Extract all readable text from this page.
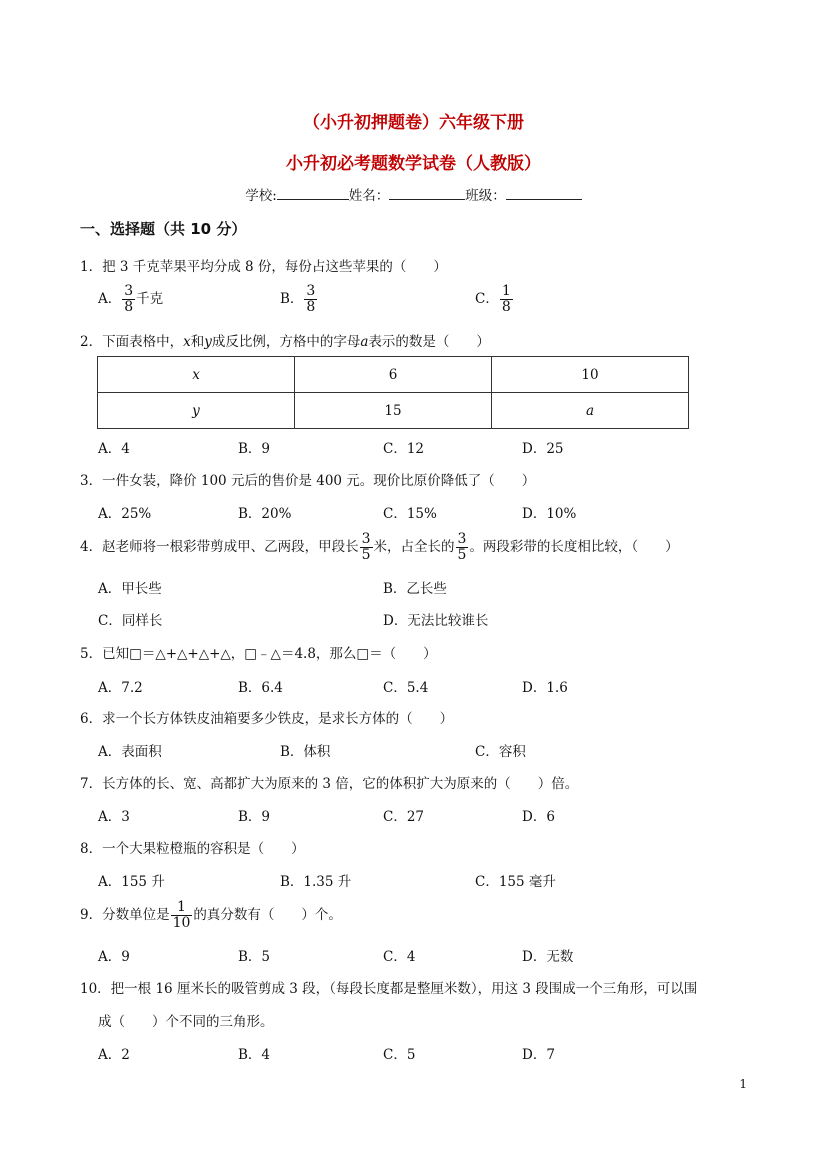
（小升初押题卷）六年级下册
小升初必考题数学试卷（人教版）
学校:	姓名：	班级：
一、选择题（共 10 分）
1．把 3 千克苹果平均分成 8 份，每份占这些苹果的（　　）
A． $\frac{3}{8}$ 千克	B． $\frac{3}{8}$	C． $\frac{1}{8}$
2．下面表格中，x和y成反比例，方格中的字母a表示的数是（　　）
x	6	10
y	15	a
A．4	B．9	C．12	D．25
3．一件女装，降价 100 元后的售价是 400 元。现价比原价降低了（　　）
A．25%	B．20%	C．15%	D．10%
4．赵老师将一根彩带剪成甲、乙两段，甲段长 $\frac{3}{5}$ 米，占全长的 $\frac{3}{5}$ 。两段彩带的长度相比较，（　　）
A．甲长些	B．乙长些
C．同样长	D．无法比较谁长
5．已知□＝△+△+△+△，□﹣△＝4.8，那么□＝（　　）
A．7.2	B．6.4	C．5.4	D．1.6
6．求一个长方体铁皮油箱要多少铁皮，是求长方体的（　　）
A．表面积	B．体积	C．容积
7．长方体的长、宽、高都扩大为原来的 3 倍，它的体积扩大为原来的（　　）倍。
A．3	B．9	C．27	D．6
8．一个大果粒橙瓶的容积是（　　）
A．155 升	B．1.35 升	C．155 毫升
9．分数单位是 $\frac{1}{10}$ 的真分数有（　　）个。
A．9	B．5	C．4	D．无数
10．把一根 16 厘米长的吸管剪成 3 段，（每段长度都是整厘米数），用这 3 段围成一个三角形，可以围
成（　　）个不同的三角形。
A．2	B．4	C．5	D．7
1
